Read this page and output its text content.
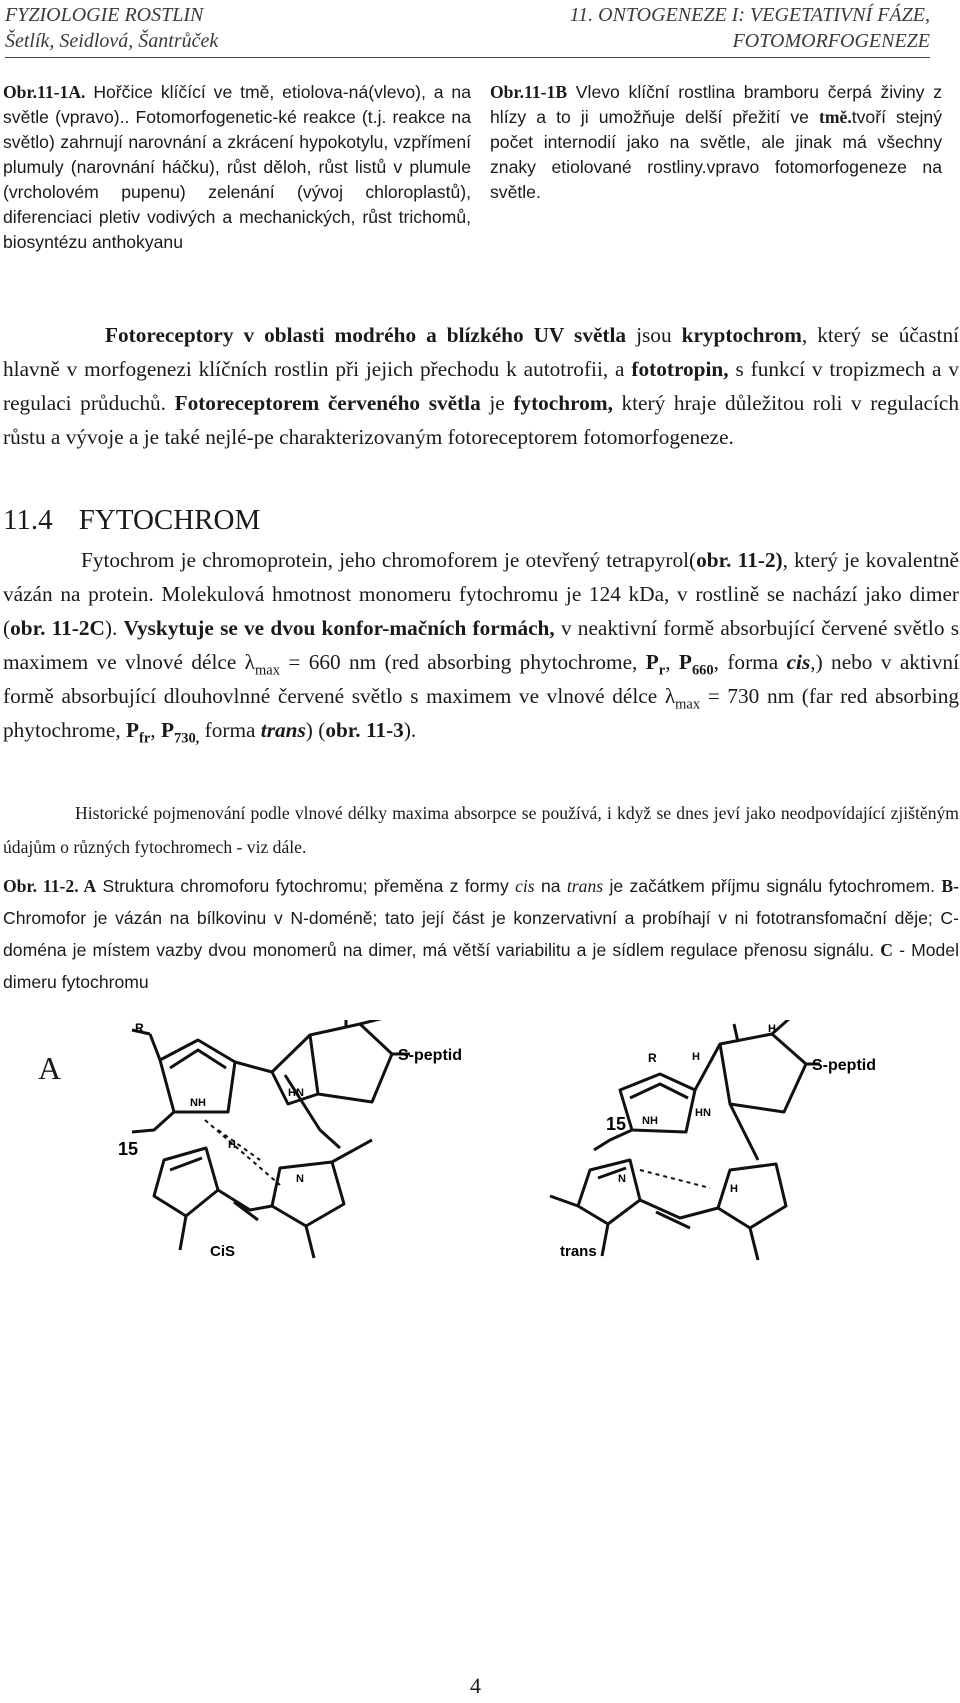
FYZIOLOGIE ROSTLIN
Šetlík, Seidlová, Šantrůček
11. ONTOGENEZE I: VEGETATIVNÍ FÁZE,
FOTOMORFOGENEZE

Obr.11-1A. Hořčice klíčící ve tmě, etiolova-ná(vlevo), a na světle (vpravo).. Fotomorfogenetic-ké reakce (t.j. reakce na světlo) zahrnují narovnání a zkrácení hypokotylu, vzpřímení plumuly (narovnání háčku), růst děloh, růst listů v plumule (vrcholovém pupenu) zelenání (vývoj chloroplastů), diferenciaci pletiv vodivých a mechanických, růst trichomů, biosyntézu anthokyanu

Obr.11-1B Vlevo klíční rostlina bramboru čerpá živiny z hlízy a to ji umožňuje delší přežití ve tmě.tvoří stejný počet internodií jako na světle, ale jinak má všechny znaky etiolované rostliny.vpravo fotomorfogeneze na světle.

Fotoreceptory v oblasti modrého a blízkého UV světla jsou kryptochrom, který se účastní hlavně v morfogenezi klíčních rostlin při jejich přechodu k autotrofii, a fototropin, s funkcí v tropizmech a v regulaci průduchů. Fotoreceptorem červeného světla je fytochrom, který hraje důležitou roli v regulacích růstu a vývoje a je také nejlé-pe charakterizovaným fotoreceptorem fotomorfogeneze.

11.4 FYTOCHROM

Fytochrom je chromoprotein, jeho chromoforem je otevřený tetrapyrol(obr. 11-2), který je kovalentně vázán na protein. Molekulová hmotnost monomeru fytochromu je 124 kDa, v rostlině se nachází jako dimer (obr. 11-2C). Vyskytuje se ve dvou konfor-mačních formách, v neaktivní formě absorbující červené světlo s maximem ve vlnové délce $\lambda_{max} = 660$ nm (red absorbing phytochrome, $P_r$, $P_{660}$, forma cis,) nebo v aktivní formě absorbující dlouhovlnné červené světlo s maximem ve vlnové délce $\lambda_{max} = 730$ nm (far red absorbing phytochrome, $P_{fr}$, $P_{730,}$ forma trans) (obr. 11-3).

Historické pojmenování podle vlnové délky maxima absorpce se používá, i když se dnes jeví jako neodpovídající zjištěným údajům o různých fytochromech - viz dále.

Obr. 11-2. A Struktura chromoforu fytochromu; přeměna z formy cis na trans je začátkem příjmu signálu fytochromem. B- Chromofor je vázán na bílkovinu v N-doméně; tato její část je konzervativní a probíhají v ni fototransfomační děje; C-doména je místem vazby dvou monomerů na dimer, má větší variabilitu a je sídlem regulace přenosu signálu. C - Model dimeru fytochromu

A
R
S-peptid
NH
HN
15	H
N
CiS
R	S-peptid
H
H
HN
15 NH
H
N
trans
4
